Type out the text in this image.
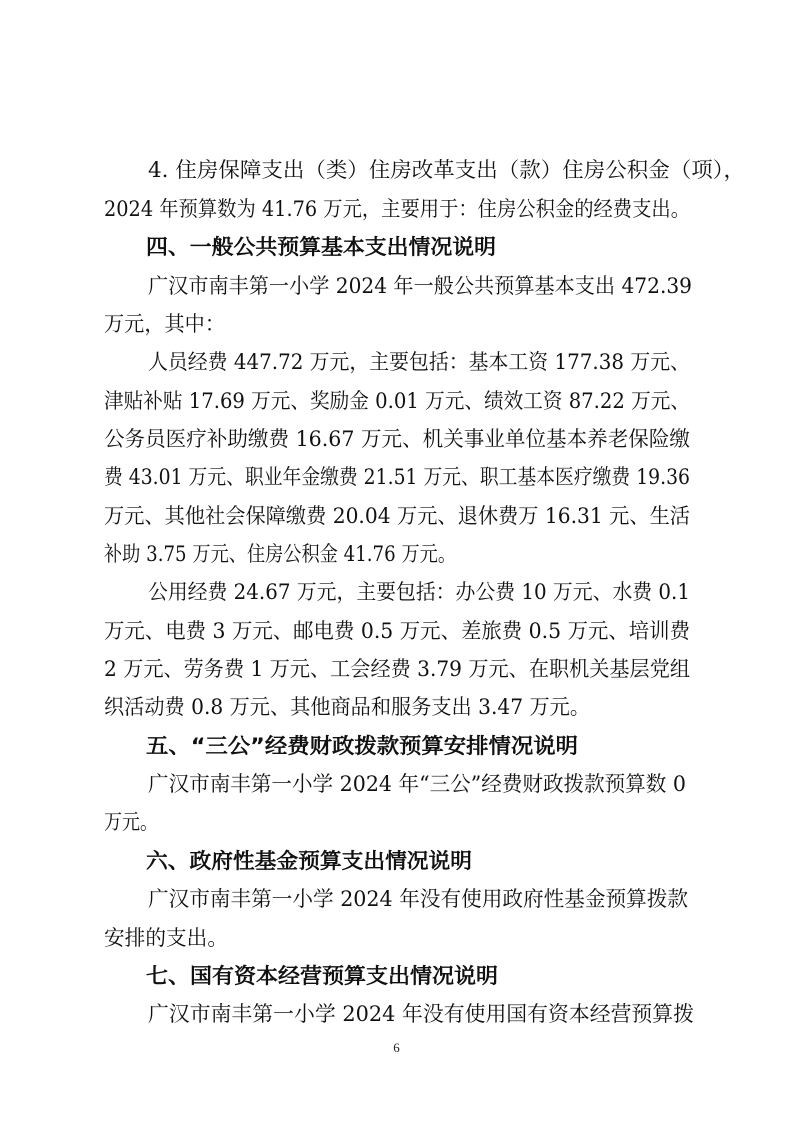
4. 住房保障支出（类）住房改革支出（款）住房公积金（项），
2024 年预算数为 41.76 万元，主要用于：住房公积金的经费支出。
四、一般公共预算基本支出情况说明
广汉市南丰第一小学 2024 年一般公共预算基本支出 472.39
万元，其中：
人员经费 447.72 万元，主要包括：基本工资 177.38 万元、
津贴补贴 17.69 万元、奖励金 0.01 万元、绩效工资 87.22 万元、
公务员医疗补助缴费 16.67 万元、机关事业单位基本养老保险缴
费 43.01 万元、职业年金缴费 21.51 万元、职工基本医疗缴费 19.36
万元、其他社会保障缴费 20.04 万元、退休费万 16.31 元、生活
补助 3.75 万元、住房公积金 41.76 万元。
公用经费 24.67 万元，主要包括：办公费 10 万元、水费 0.1
万元、电费 3 万元、邮电费 0.5 万元、差旅费 0.5 万元、培训费
2 万元、劳务费 1 万元、工会经费 3.79 万元、在职机关基层党组
织活动费 0.8 万元、其他商品和服务支出 3.47 万元。
五、“三公”经费财政拨款预算安排情况说明
广汉市南丰第一小学 2024 年“三公”经费财政拨款预算数 0
万元。
六、政府性基金预算支出情况说明
广汉市南丰第一小学 2024 年没有使用政府性基金预算拨款
安排的支出。
七、国有资本经营预算支出情况说明
广汉市南丰第一小学 2024 年没有使用国有资本经营预算拨
6
